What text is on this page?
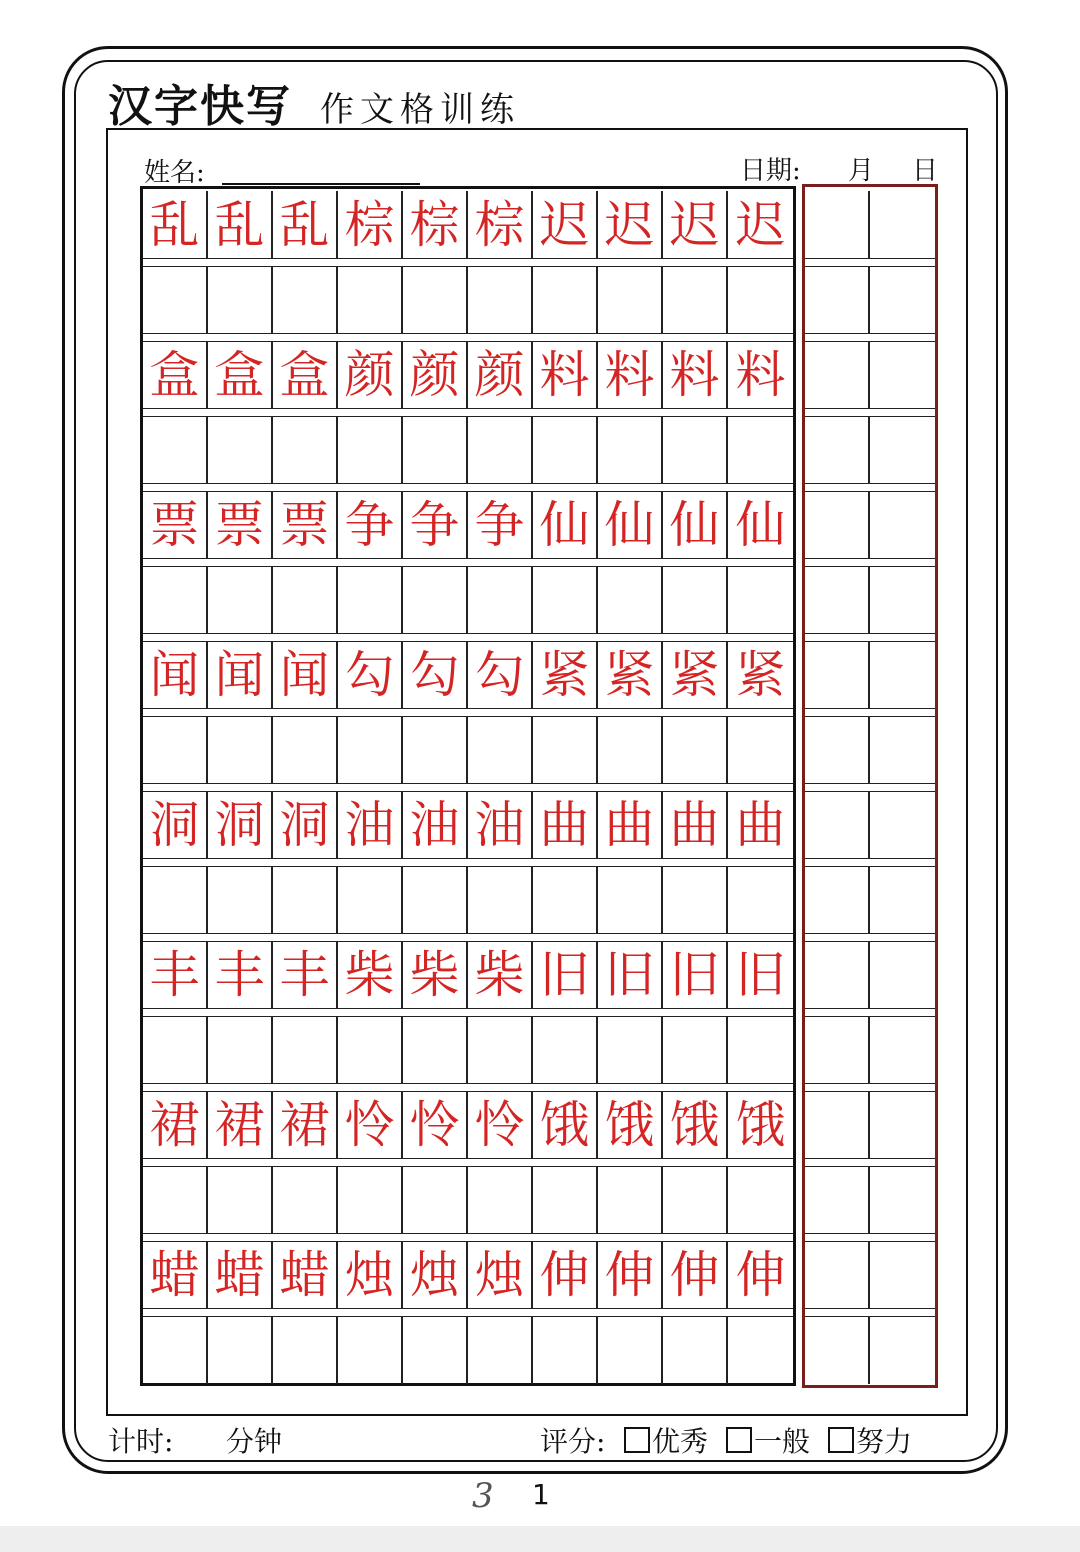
汉字快写 作文格训练
姓名:	日期: 月 日
乱 乱 乱 棕 棕 棕 迟 迟 迟 迟
盒 盒 盒 颜 颜 颜 料 料 料 料
票 票 票 争 争 争 仙 仙 仙 仙
闻 闻 闻 勾 勾 勾 紧 紧 紧 紧
洞 洞 洞 油 油 油 曲 曲 曲 曲
丰 丰 丰 柴 柴 柴 旧 旧 旧 旧
裙 裙 裙 怜 怜 怜 饿 饿 饿 饿
蜡 蜡 蜡 烛 烛 烛 伸 伸 伸 伸
计时: 分钟	评分: 优秀 一般 努力
3 1
